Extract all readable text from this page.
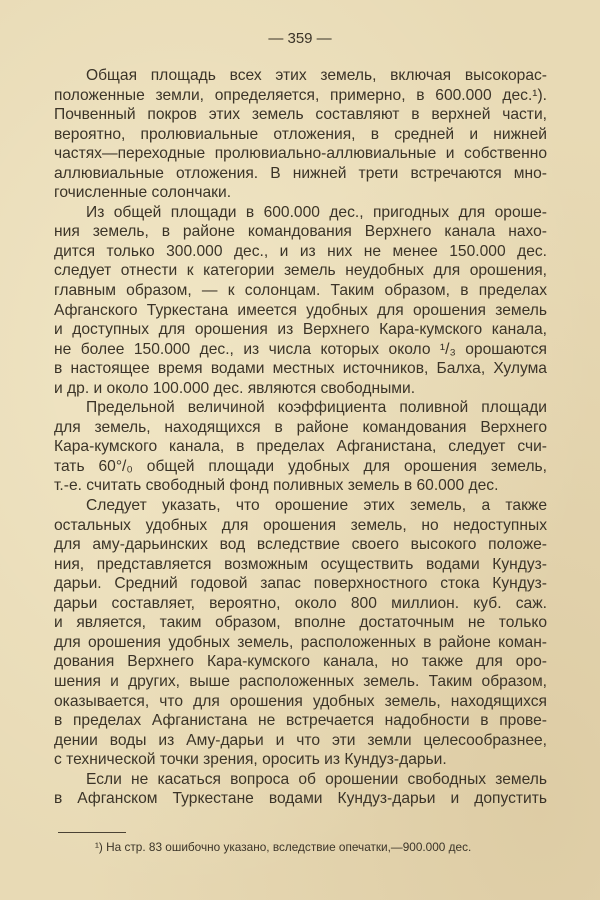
— 359 —
Общая площадь всех этих земель, включая высокорас-
положенные земли, определяется, примерно, в 600.000 дес.¹).
Почвенный покров этих земель составляют в верхней части,
вероятно, пролювиальные отложения, в средней и нижней
частях—переходные пролювиально-аллювиальные и собственно
аллювиальные отложения. В нижней трети встречаются мно-
гочисленные солончаки.
Из общей площади в 600.000 дес., пригодных для ороше-
ния земель, в районе командования Верхнего канала нахо-
дится только 300.000 дес., и из них не менее 150.000 дес.
следует отнести к категории земель неудобных для орошения,
главным образом, — к солонцам. Таким образом, в пределах
Афганского Туркестана имеется удобных для орошения земель
и доступных для орошения из Верхнего Кара-кумского канала,
не более 150.000 дес., из числа которых около ¹/₃ орошаются
в настоящее время водами местных источников, Балха, Хулума
и др. и около 100.000 дес. являются свободными.
Предельной величиной коэффициента поливной площади
для земель, находящихся в районе командования Верхнего
Кара-кумского канала, в пределах Афганистана, следует счи-
тать 60°/₀ общей площади удобных для орошения земель,
т.-е. считать свободный фонд поливных земель в 60.000 дес.
Следует указать, что орошение этих земель, а также
остальных удобных для орошения земель, но недоступных
для аму-дарьинских вод вследствие своего высокого положе-
ния, представляется возможным осуществить водами Кундуз-
дарьи. Средний годовой запас поверхностного стока Кундуз-
дарьи составляет, вероятно, около 800 миллион. куб. саж.
и является, таким образом, вполне достаточным не только
для орошения удобных земель, расположенных в районе коман-
дования Верхнего Кара-кумского канала, но также для оро-
шения и других, выше расположенных земель. Таким образом,
оказывается, что для орошения удобных земель, находящихся
в пределах Афганистана не встречается надобности в прове-
дении воды из Аму-дарьи и что эти земли целесообразнее,
с технической точки зрения, оросить из Кундуз-дарьи.
Если не касаться вопроса об орошении свободных земель
в Афганском Туркестане водами Кундуз-дарьи и допустить
¹) На стр. 83 ошибочно указано, вследствие опечатки,—900.000 дес.
